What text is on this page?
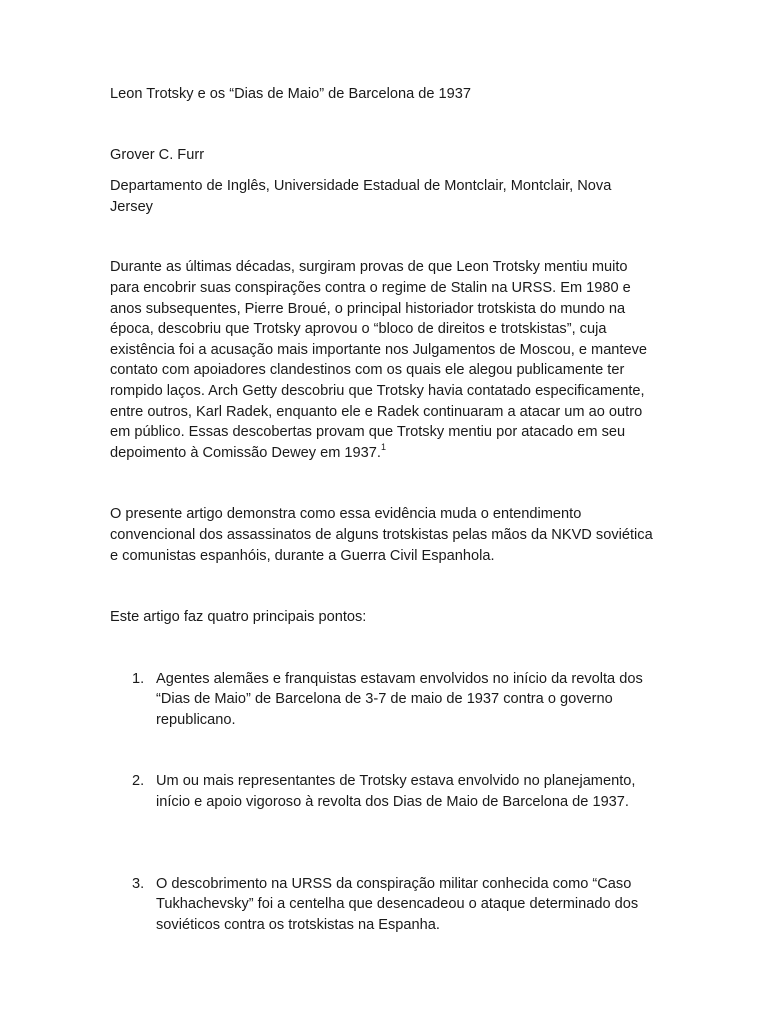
Leon Trotsky e os “Dias de Maio” de Barcelona de 1937

Grover C. Furr

Departamento de Inglês, Universidade Estadual de Montclair, Montclair, Nova Jersey

Durante as últimas décadas, surgiram provas de que Leon Trotsky mentiu muito para encobrir suas conspirações contra o regime de Stalin na URSS. Em 1980 e anos subsequentes, Pierre Broué, o principal historiador trotskista do mundo na época, descobriu que Trotsky aprovou o “bloco de direitos e trotskistas”, cuja existência foi a acusação mais importante nos Julgamentos de Moscou, e manteve contato com apoiadores clandestinos com os quais ele alegou publicamente ter rompido laços. Arch Getty descobriu que Trotsky havia contatado especificamente, entre outros, Karl Radek, enquanto ele e Radek continuaram a atacar um ao outro em público. Essas descobertas provam que Trotsky mentiu por atacado em seu depoimento à Comissão Dewey em 1937.$^1$

O presente artigo demonstra como essa evidência muda o entendimento convencional dos assassinatos de alguns trotskistas pelas mãos da NKVD soviética e comunistas espanhóis, durante a Guerra Civil Espanhola.

Este artigo faz quatro principais pontos:

1. Agentes alemães e franquistas estavam envolvidos no início da revolta dos “Dias de Maio” de Barcelona de 3-7 de maio de 1937 contra o governo republicano.
2. Um ou mais representantes de Trotsky estava envolvido no planejamento, início e apoio vigoroso à revolta dos Dias de Maio de Barcelona de 1937.
3. O descobrimento na URSS da conspiração militar conhecida como “Caso Tukhachevsky” foi a centelha que desencadeou o ataque determinado dos soviéticos contra os trotskistas na Espanha.
